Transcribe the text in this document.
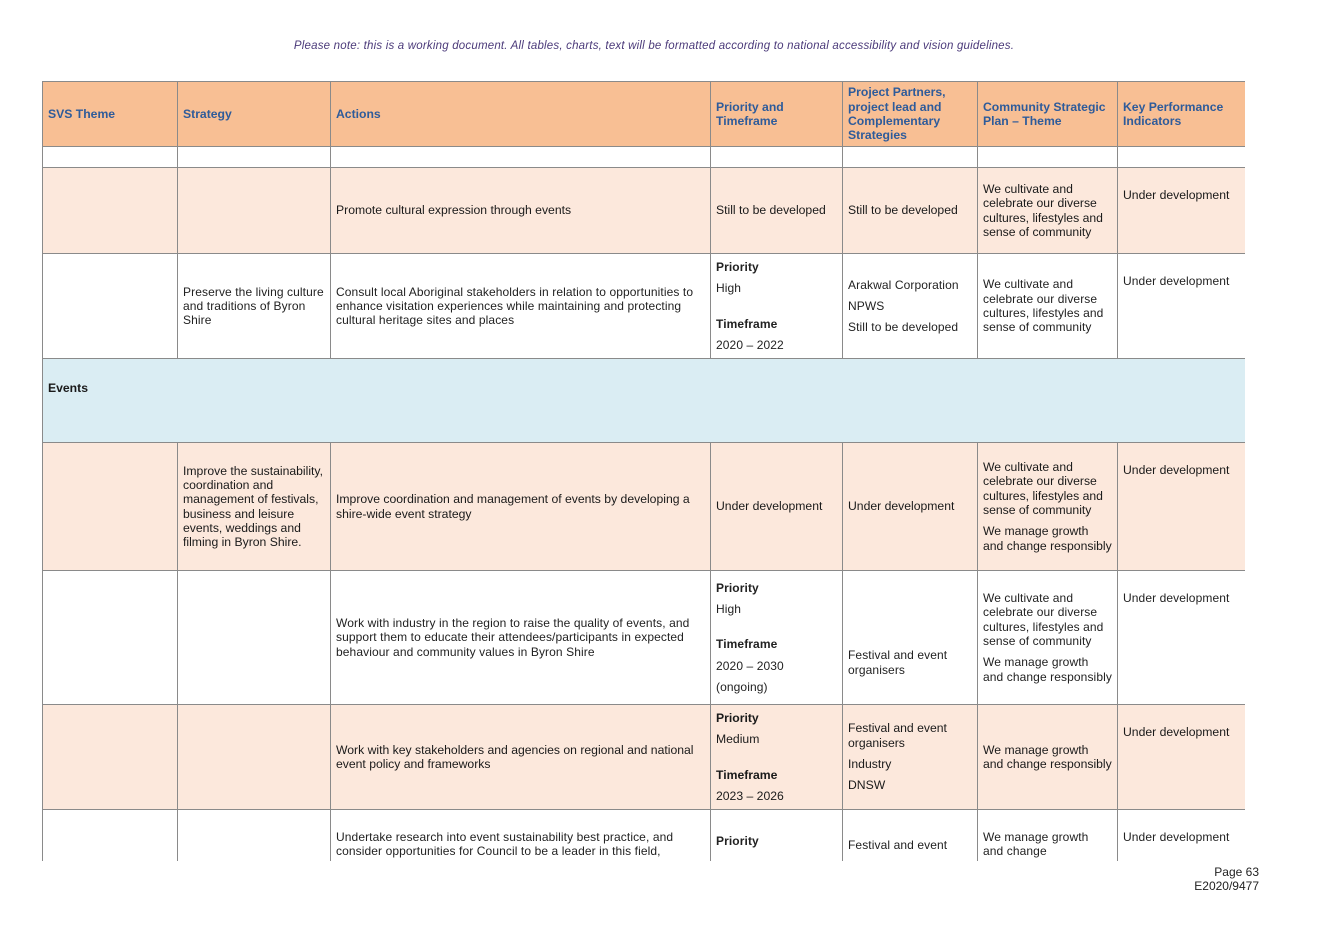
Please note: this is a working document. All tables, charts, text will be formatted according to national accessibility and vision guidelines.
SVS Theme	Strategy	Actions	Priority and Timeframe	Project Partners, project lead and Complementary Strategies	Community Strategic Plan – Theme	Key Performance Indicators

		Promote cultural expression through events	Still to be developed	Still to be developed	We cultivate and celebrate our diverse cultures, lifestyles and sense of community	Under development
	Preserve the living culture and traditions of Byron Shire	Consult local Aboriginal stakeholders in relation to opportunities to enhance visitation experiences while maintaining and protecting cultural heritage sites and places	Priority
High
Timeframe
2020 – 2022	Arakwal Corporation
NPWS
Still to be developed	We cultivate and celebrate our diverse cultures, lifestyles and sense of community	Under development
Events						
	Improve the sustainability, coordination and management of festivals, business and leisure events, weddings and filming in Byron Shire.	Improve coordination and management of events by developing a shire-wide event strategy	Under development	Under development	We cultivate and celebrate our diverse cultures, lifestyles and sense of community
We manage growth and change responsibly	Under development
		Work with industry in the region to raise the quality of events, and support them to educate their attendees/participants in expected behaviour and community values in Byron Shire	Priority
High
Timeframe
2020 – 2030
(ongoing)	Festival and event organisers	We cultivate and celebrate our diverse cultures, lifestyles and sense of community
We manage growth and change responsibly	Under development
		Work with key stakeholders and agencies on regional and national event policy and frameworks	Priority
Medium
Timeframe
2023 – 2026	Festival and event organisers
Industry
DNSW	We manage growth and change responsibly	Under development
		Undertake research into event sustainability best practice, and consider opportunities for Council to be a leader in this field,	Priority	Festival and event	We manage growth and change	Under development
Page 63
E2020/9477
